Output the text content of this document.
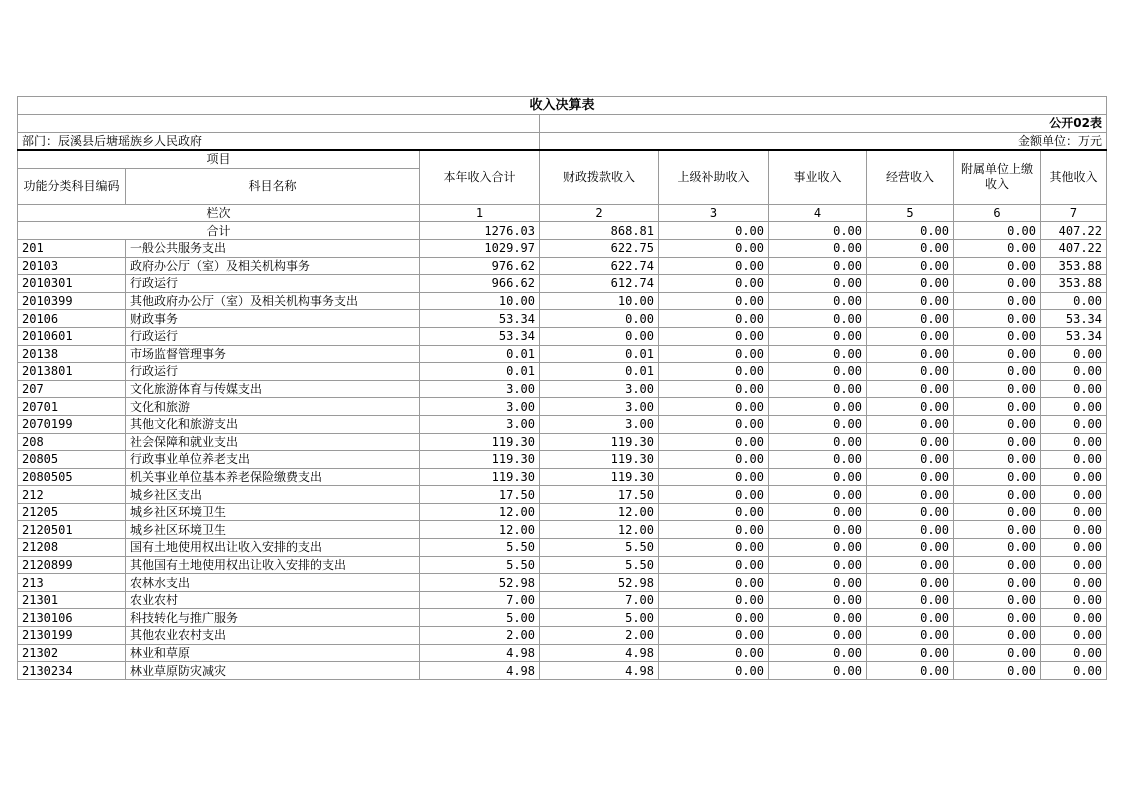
收入决算表								
			公开02表					
部门：辰溪县后塘瑶族乡人民政府			金额单位：万元					
项目		本年收入合计	财政拨款收入	上级补助收入	事业收入	经营收入	附属单位上缴收入	其他收入
功能分类科目编码	科目名称							
栏次		1	2	3	4	5	6	7
合计		1276.03	868.81	0.00	0.00	0.00	0.00	407.22
201	一般公共服务支出	1029.97	622.75	0.00	0.00	0.00	0.00	407.22
20103	政府办公厅（室）及相关机构事务	976.62	622.74	0.00	0.00	0.00	0.00	353.88
2010301	行政运行	966.62	612.74	0.00	0.00	0.00	0.00	353.88
2010399	其他政府办公厅（室）及相关机构事务支出	10.00	10.00	0.00	0.00	0.00	0.00	0.00
20106	财政事务	53.34	0.00	0.00	0.00	0.00	0.00	53.34
2010601	行政运行	53.34	0.00	0.00	0.00	0.00	0.00	53.34
20138	市场监督管理事务	0.01	0.01	0.00	0.00	0.00	0.00	0.00
2013801	行政运行	0.01	0.01	0.00	0.00	0.00	0.00	0.00
207	文化旅游体育与传媒支出	3.00	3.00	0.00	0.00	0.00	0.00	0.00
20701	文化和旅游	3.00	3.00	0.00	0.00	0.00	0.00	0.00
2070199	其他文化和旅游支出	3.00	3.00	0.00	0.00	0.00	0.00	0.00
208	社会保障和就业支出	119.30	119.30	0.00	0.00	0.00	0.00	0.00
20805	行政事业单位养老支出	119.30	119.30	0.00	0.00	0.00	0.00	0.00
2080505	机关事业单位基本养老保险缴费支出	119.30	119.30	0.00	0.00	0.00	0.00	0.00
212	城乡社区支出	17.50	17.50	0.00	0.00	0.00	0.00	0.00
21205	城乡社区环境卫生	12.00	12.00	0.00	0.00	0.00	0.00	0.00
2120501	城乡社区环境卫生	12.00	12.00	0.00	0.00	0.00	0.00	0.00
21208	国有土地使用权出让收入安排的支出	5.50	5.50	0.00	0.00	0.00	0.00	0.00
2120899	其他国有土地使用权出让收入安排的支出	5.50	5.50	0.00	0.00	0.00	0.00	0.00
213	农林水支出	52.98	52.98	0.00	0.00	0.00	0.00	0.00
21301	农业农村	7.00	7.00	0.00	0.00	0.00	0.00	0.00
2130106	科技转化与推广服务	5.00	5.00	0.00	0.00	0.00	0.00	0.00
2130199	其他农业农村支出	2.00	2.00	0.00	0.00	0.00	0.00	0.00
21302	林业和草原	4.98	4.98	0.00	0.00	0.00	0.00	0.00
2130234	林业草原防灾减灾	4.98	4.98	0.00	0.00	0.00	0.00	0.00
